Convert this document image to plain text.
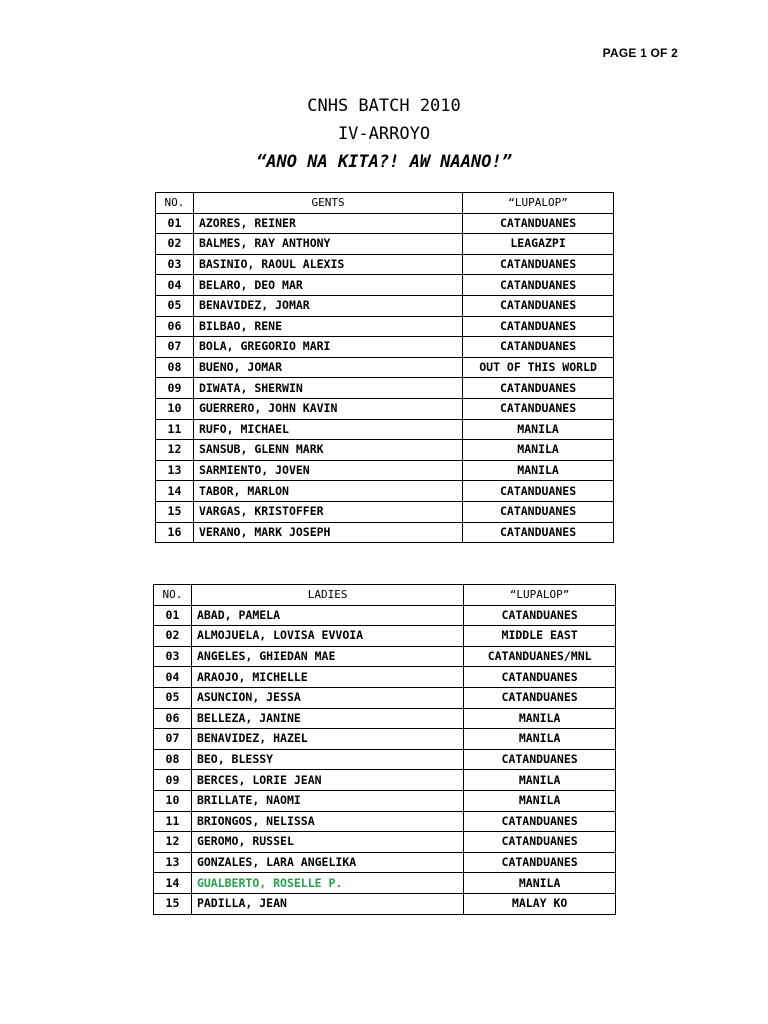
PAGE 1 OF 2
CNHS BATCH 2010
IV-ARROYO
“ANO NA KITA?! AW NAANO!”
NO.	GENTS	“LUPALOP”
01	AZORES, REINER	CATANDUANES
02	BALMES, RAY ANTHONY	LEAGAZPI
03	BASINIO, RAOUL ALEXIS	CATANDUANES
04	BELARO, DEO MAR	CATANDUANES
05	BENAVIDEZ, JOMAR	CATANDUANES
06	BILBAO, RENE	CATANDUANES
07	BOLA, GREGORIO MARI	CATANDUANES
08	BUENO, JOMAR	OUT OF THIS WORLD
09	DIWATA, SHERWIN	CATANDUANES
10	GUERRERO, JOHN KAVIN	CATANDUANES
11	RUFO, MICHAEL	MANILA
12	SANSUB, GLENN MARK	MANILA
13	SARMIENTO, JOVEN	MANILA
14	TABOR, MARLON	CATANDUANES
15	VARGAS, KRISTOFFER	CATANDUANES
16	VERANO, MARK JOSEPH	CATANDUANES
NO.	LADIES	“LUPALOP”
01	ABAD, PAMELA	CATANDUANES
02	ALMOJUELA, LOVISA EVVOIA	MIDDLE EAST
03	ANGELES, GHIEDAN MAE	CATANDUANES/MNL
04	ARAOJO, MICHELLE	CATANDUANES
05	ASUNCION, JESSA	CATANDUANES
06	BELLEZA, JANINE	MANILA
07	BENAVIDEZ, HAZEL	MANILA
08	BEO, BLESSY	CATANDUANES
09	BERCES, LORIE JEAN	MANILA
10	BRILLATE, NAOMI	MANILA
11	BRIONGOS, NELISSA	CATANDUANES
12	GEROMO, RUSSEL	CATANDUANES
13	GONZALES, LARA ANGELIKA	CATANDUANES
14	GUALBERTO, ROSELLE P.	MANILA
15	PADILLA, JEAN	MALAY KO
